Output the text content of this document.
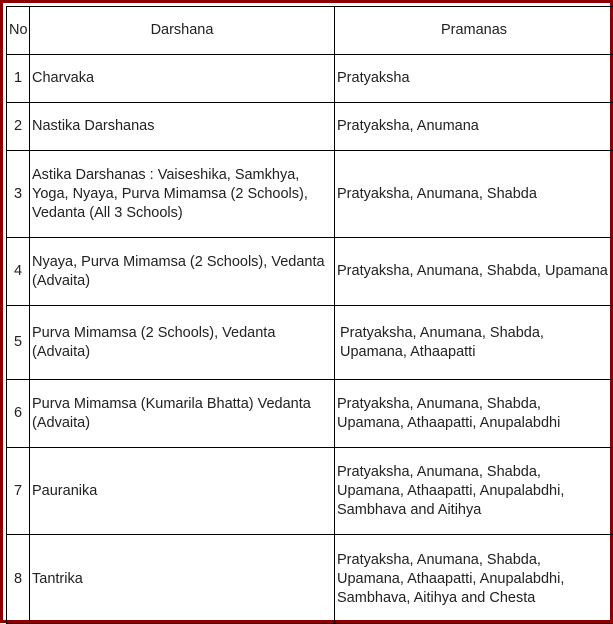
No	Darshana	Pramanas
1	Charvaka	Pratyaksha
2	Nastika Darshanas	Pratyaksha, Anumana
3	Astika Darshanas : Vaiseshika, Samkhya, Yoga, Nyaya, Purva Mimamsa (2 Schools), Vedanta (All 3 Schools)	Pratyaksha, Anumana, Shabda
4	Nyaya, Purva Mimamsa (2 Schools), Vedanta (Advaita)	Pratyaksha, Anumana, Shabda, Upamana
5	Purva Mimamsa (2 Schools), Vedanta (Advaita)	Pratyaksha, Anumana, Shabda, Upamana, Athaapatti
6	Purva Mimamsa (Kumarila Bhatta) Vedanta (Advaita)	Pratyaksha, Anumana, Shabda, Upamana, Athaapatti, Anupalabdhi
7	Pauranika	Pratyaksha, Anumana, Shabda, Upamana, Athaapatti, Anupalabdhi, Sambhava and Aitihya
8	Tantrika	Pratyaksha, Anumana, Shabda, Upamana, Athaapatti, Anupalabdhi, Sambhava, Aitihya and Chesta
